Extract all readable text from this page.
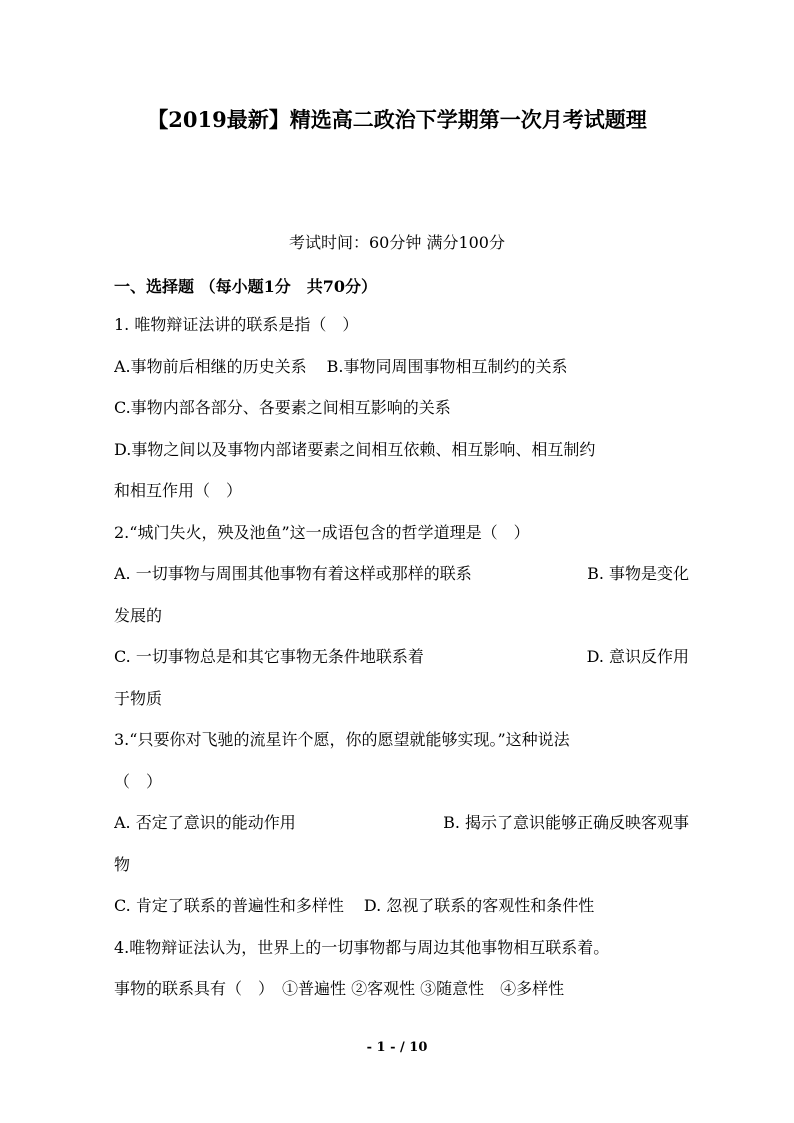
【2019最新】精选高二政治下学期第一次月考试题理
考试时间：60分钟 满分100分
一、选择题 （每小题1分　共70分）
1. 唯物辩证法讲的联系是指（　）
A.事物前后相继的历史关系 B.事物同周围事物相互制约的关系
C.事物内部各部分、各要素之间相互影响的关系
D.事物之间以及事物内部诸要素之间相互依赖、相互影响、相互制约
和相互作用（　）
2.“城门失火，殃及池鱼”这一成语包含的哲学道理是（　）
A. 一切事物与周围其他事物有着这样或那样的联系	B. 事物是变化
发展的
C. 一切事物总是和其它事物无条件地联系着	D. 意识反作用
于物质
3.“只要你对飞驰的流星许个愿，你的愿望就能够实现。”这种说法
（　）
A. 否定了意识的能动作用	B. 揭示了意识能够正确反映客观事
物
C. 肯定了联系的普遍性和多样性 D. 忽视了联系的客观性和条件性
4.唯物辩证法认为，世界上的一切事物都与周边其他事物相互联系着。
事物的联系具有（　）　①普遍性 ②客观性 ③随意性　④多样性
- 1 - / 10
